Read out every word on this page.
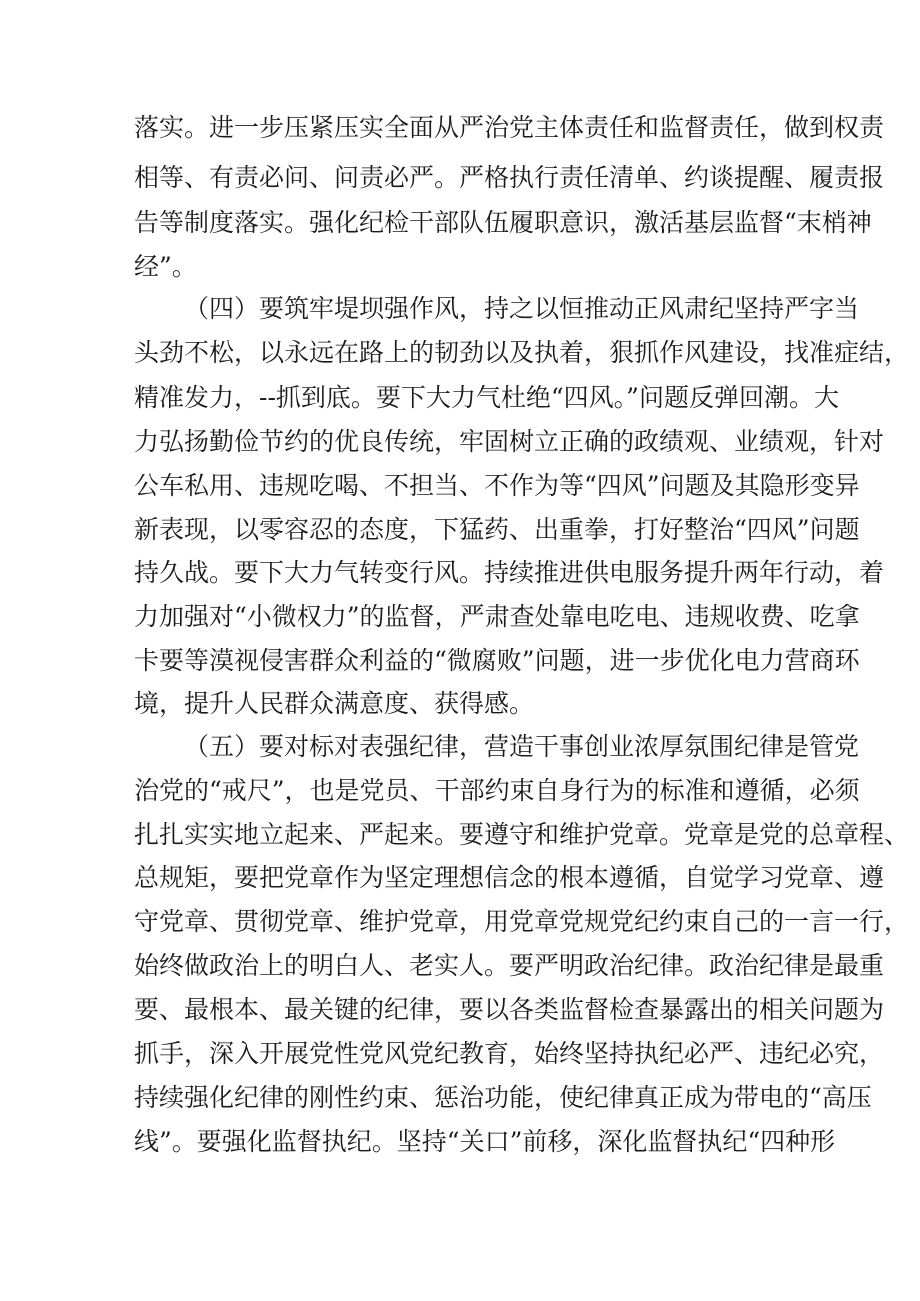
落实。进一步压紧压实全面从严治党主体责任和监督责任，做到权责

相等、有责必问、问责必严。严格执行责任清单、约谈提醒、履责报

告等制度落实。强化纪检干部队伍履职意识，激活基层监督“末梢神

经”。

（四）要筑牢堤坝强作风，持之以恒推动正风肃纪坚持严字当

头劲不松，以永远在路上的韧劲以及执着，狠抓作风建设，找准症结，

精准发力，--抓到底。要下大力气杜绝“四风。”问题反弹回潮。大

力弘扬勤俭节约的优良传统，牢固树立正确的政绩观、业绩观，针对

公车私用、违规吃喝、不担当、不作为等“四风”问题及其隐形变异

新表现，以零容忍的态度，下猛药、出重拳，打好整治“四风”问题

持久战。要下大力气转变行风。持续推进供电服务提升两年行动，着

力加强对“小微权力”的监督，严肃查处靠电吃电、违规收费、吃拿

卡要等漠视侵害群众利益的“微腐败”问题，进一步优化电力营商环

境，提升人民群众满意度、获得感。

（五）要对标对表强纪律，营造干事创业浓厚氛围纪律是管党

治党的“戒尺”，也是党员、干部约束自身行为的标准和遵循，必须

扎扎实实地立起来、严起来。要遵守和维护党章。党章是党的总章程、

总规矩，要把党章作为坚定理想信念的根本遵循，自觉学习党章、遵

守党章、贯彻党章、维护党章，用党章党规党纪约束自己的一言一行，

始终做政治上的明白人、老实人。要严明政治纪律。政治纪律是最重

要、最根本、最关键的纪律，要以各类监督检查暴露出的相关问题为

抓手，深入开展党性党风党纪教育，始终坚持执纪必严、违纪必究，

持续强化纪律的刚性约束、惩治功能，使纪律真正成为带电的“高压

线”。要强化监督执纪。坚持“关口”前移，深化监督执纪“四种形
